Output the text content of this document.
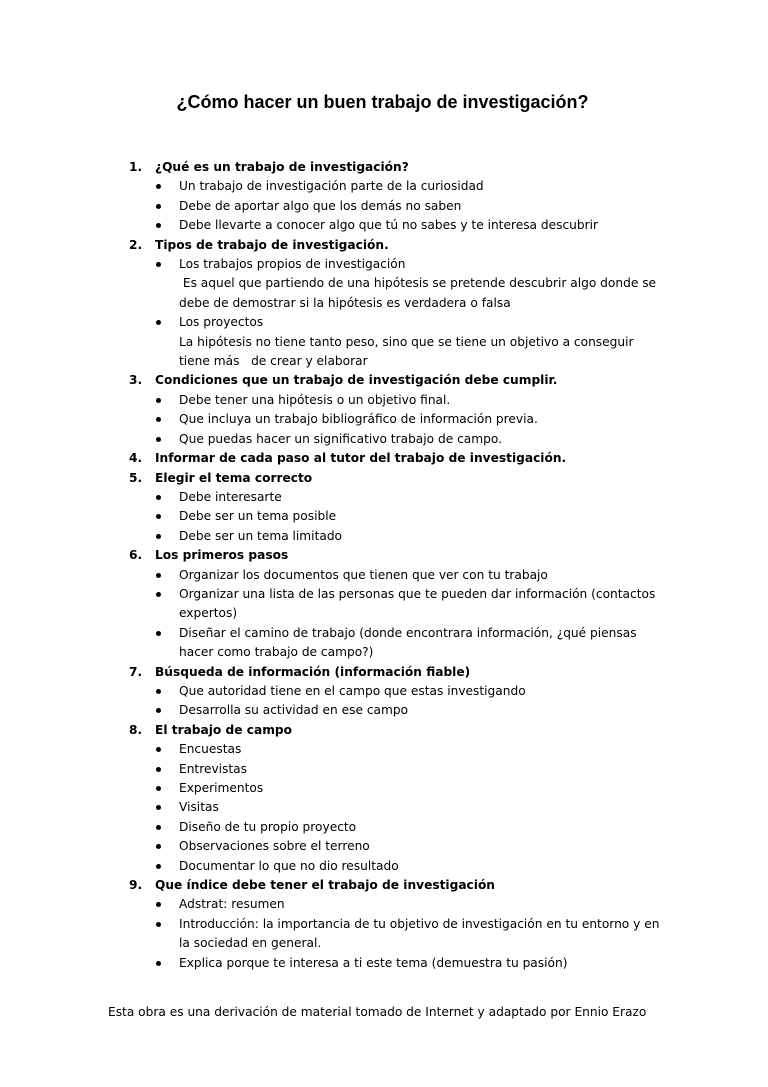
¿Cómo hacer un buen trabajo de investigación?
1. ¿Qué es un trabajo de investigación?
Un trabajo de investigación parte de la curiosidad
Debe de aportar algo que los demás no saben
Debe llevarte a conocer algo que tú no sabes y te interesa descubrir
2. Tipos de trabajo de investigación.
Los trabajos propios de investigación
Es aquel que partiendo de una hipótesis se pretende descubrir algo donde se debe de demostrar si la hipótesis es verdadera o falsa
Los proyectos
La hipótesis no tiene tanto peso, sino que se tiene un objetivo a conseguir  tiene más   de crear y elaborar
3. Condiciones que un trabajo de investigación debe cumplir.
Debe tener una hipótesis o un objetivo final.
Que incluya un trabajo bibliográfico de información previa.
Que puedas hacer un significativo trabajo de campo.
4. Informar de cada paso al tutor del trabajo de investigación.
5. Elegir el tema correcto
Debe interesarte
Debe ser un tema posible
Debe ser un tema limitado
6. Los primeros pasos
Organizar los documentos que tienen que ver con tu trabajo
Organizar una lista de las personas que te pueden dar información (contactos expertos)
Diseñar el camino de trabajo (donde encontrara información, ¿qué piensas hacer como trabajo de campo?)
7. Búsqueda de información (información fiable)
Que autoridad tiene en el campo que estas investigando
Desarrolla su actividad en ese campo
8. El trabajo de campo
Encuestas
Entrevistas
Experimentos
Visitas
Diseño de tu propio proyecto
Observaciones sobre el terreno
Documentar lo que no dio resultado
9. Que índice debe tener el trabajo de investigación
Adstrat: resumen
Introducción: la importancia de tu objetivo de investigación en tu entorno y en la sociedad en general.
Explica porque te interesa a ti este tema (demuestra tu pasión)
Esta obra es una derivación de material tomado de Internet y adaptado por Ennio Erazo
